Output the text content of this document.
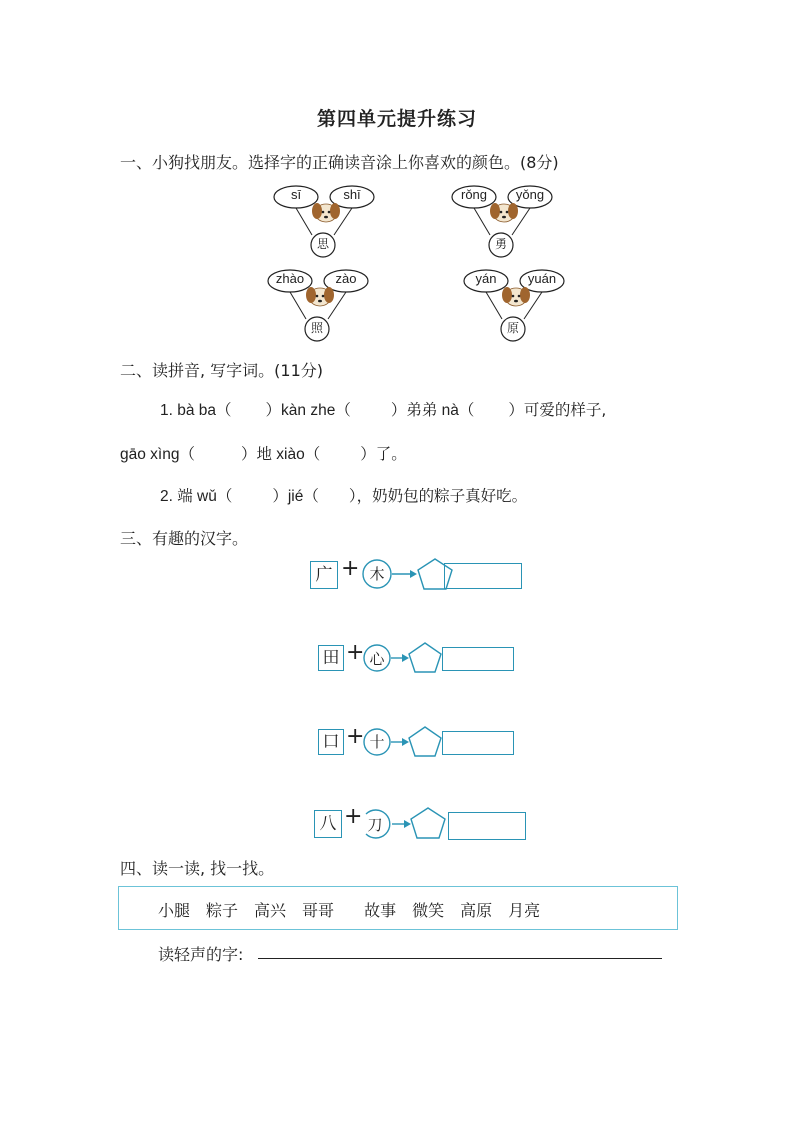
第四单元提升练习
一、小狗找朋友。选择字的正确读音涂上你喜欢的颜色。(8分)
sī	shī
思
rǒng	yǒng
勇
zhào	zào
照
yán	yuán
原
二、读拼音, 写字词。(11分)
1. bà ba（ ）kàn zhe（	）弟弟 nà（ ）可爱的样子,
gāo xìng（	）地 xiào（	）了。
2. 端 wǔ（	）jié（ ），奶奶包的粽子真好吃。
三、有趣的汉字。
广 + 木
田 + 心
口 + 十
八 + 刀
四、读一读, 找一找。
小腿 粽子 高兴 哥哥 故事 微笑 高原 月亮
读轻声的字:
